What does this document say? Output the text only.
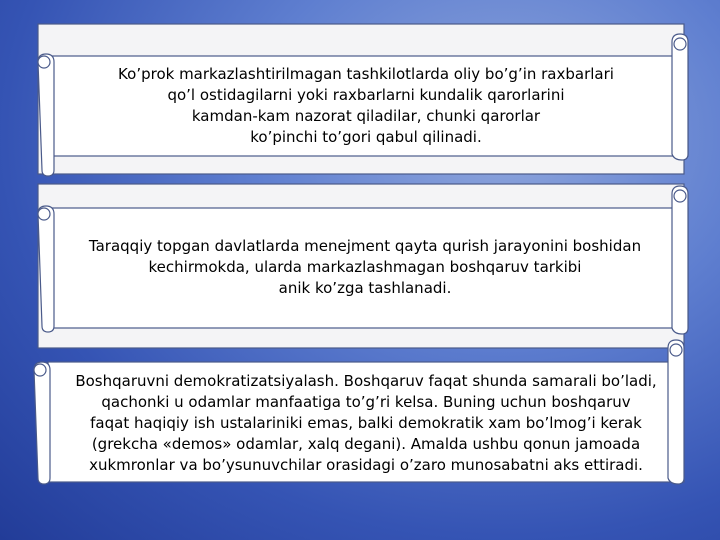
Ko’prok markazlashtirilmagan tashkilotlarda oliy bo’g’in raxbarlari
qo’l ostidagilarni yoki raxbarlarni kundalik qarorlarini
kamdan-kam nazorat qiladilar, chunki qarorlar
ko’pinchi to’gori qabul qilinadi.
Taraqqiy topgan davlatlarda menejment qayta qurish jarayonini boshidan
kechirmokda, ularda markazlashmagan boshqaruv tarkibi
anik ko’zga tashlanadi.
Boshqaruvni demokratizatsiyalash. Boshqaruv faqat shunda samarali bo’ladi,
qachonki u odamlar manfaatiga to’g’ri kelsa. Buning uchun boshqaruv
faqat haqiqiy ish ustalariniki emas, balki demokratik xam bo’lmog’i kerak
(grekcha «demos» odamlar, xalq degani). Amalda ushbu qonun jamoada
xukmronlar va bo’ysunuvchilar orasidagi o’zaro munosabatni aks ettiradi.
